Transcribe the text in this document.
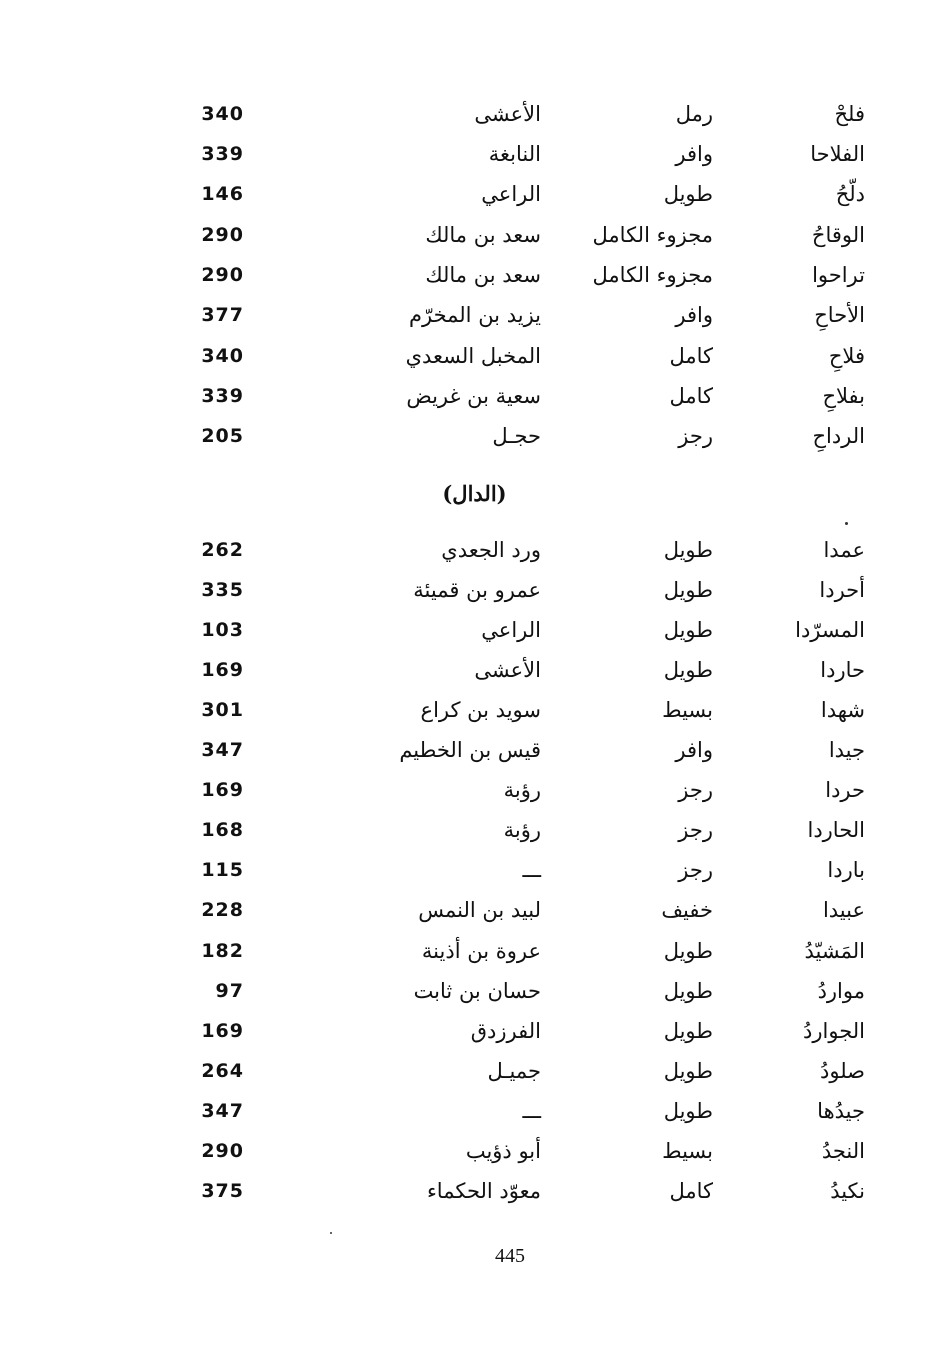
فلحْ
رمل
الأعشى
340
الفلاحا
وافر
النابغة
339
دلّحُ
طويل
الراعي
146
الوقاحُ
مجزوء الكامل
سعد بن مالك
290
تراحوا
مجزوء الكامل
سعد بن مالك
290
الأحاحِ
وافر
يزيد بن المخرّم
377
فلاحِ
كامل
المخبل السعدي
340
بفلاحِ
كامل
سعية بن غريض
339
الرداحِ
رجز
حجـل
205
(الدال)
عمدا
طويل
ورد الجعدي
262
أحردا
طويل
عمرو بن قميئة
335
المسرّدا
طويل
الراعي
103
حاردا
طويل
الأعشى
169
شهدا
بسيط
سويد بن كراع
301
جيدا
وافر
قيس بن الخطيم
347
حردا
رجز
رؤبة
169
الحاردا
رجز
رؤبة
168
باردا
رجز
ـــ
115
عبيدا
خفيف
لبيد بن النمس
228
المَشيّدُ
طويل
عروة بن أذينة
182
مواردُ
طويل
حسان بن ثابت
97
الجواردُ
طويل
الفرزدق
169
صلودُ
طويل
جميـل
264
جيدُها
طويل
ـــ
347
النجدُ
بسيط
أبو ذؤيب
290
نكيدُ
كامل
معوّد الحكماء
375
445
